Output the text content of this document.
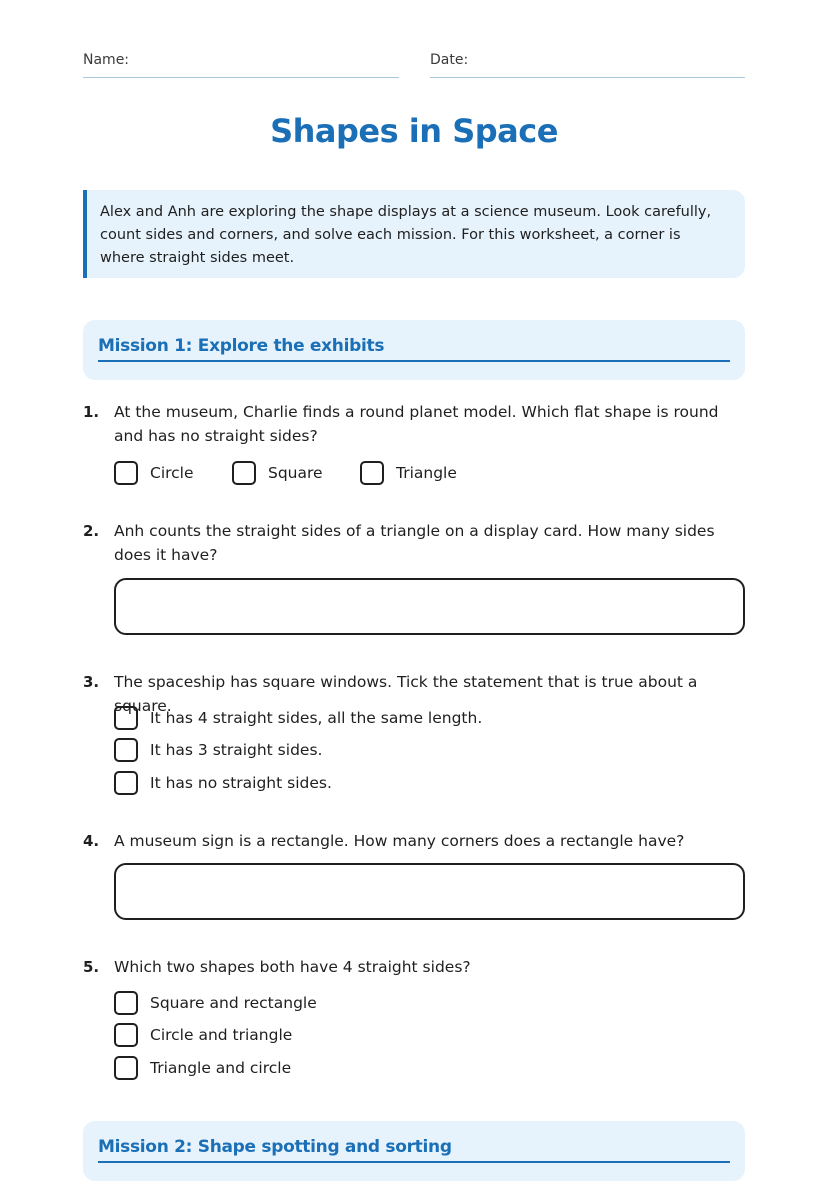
Name:	Date:
Shapes in Space
Alex and Anh are exploring the shape displays at a science museum. Look carefully, count sides and corners, and solve each mission. For this worksheet, a corner is where straight sides meet.
Mission 1: Explore the exhibits
1. At the museum, Charlie finds a round planet model. Which flat shape is round and has no straight sides?
Circle	Square	Triangle
2. Anh counts the straight sides of a triangle on a display card. How many sides does it have?
3. The spaceship has square windows. Tick the statement that is true about a square.
It has 4 straight sides, all the same length.
It has 3 straight sides.
It has no straight sides.
4. A museum sign is a rectangle. How many corners does a rectangle have?
5. Which two shapes both have 4 straight sides?
Square and rectangle
Circle and triangle
Triangle and circle
Mission 2: Shape spotting and sorting
